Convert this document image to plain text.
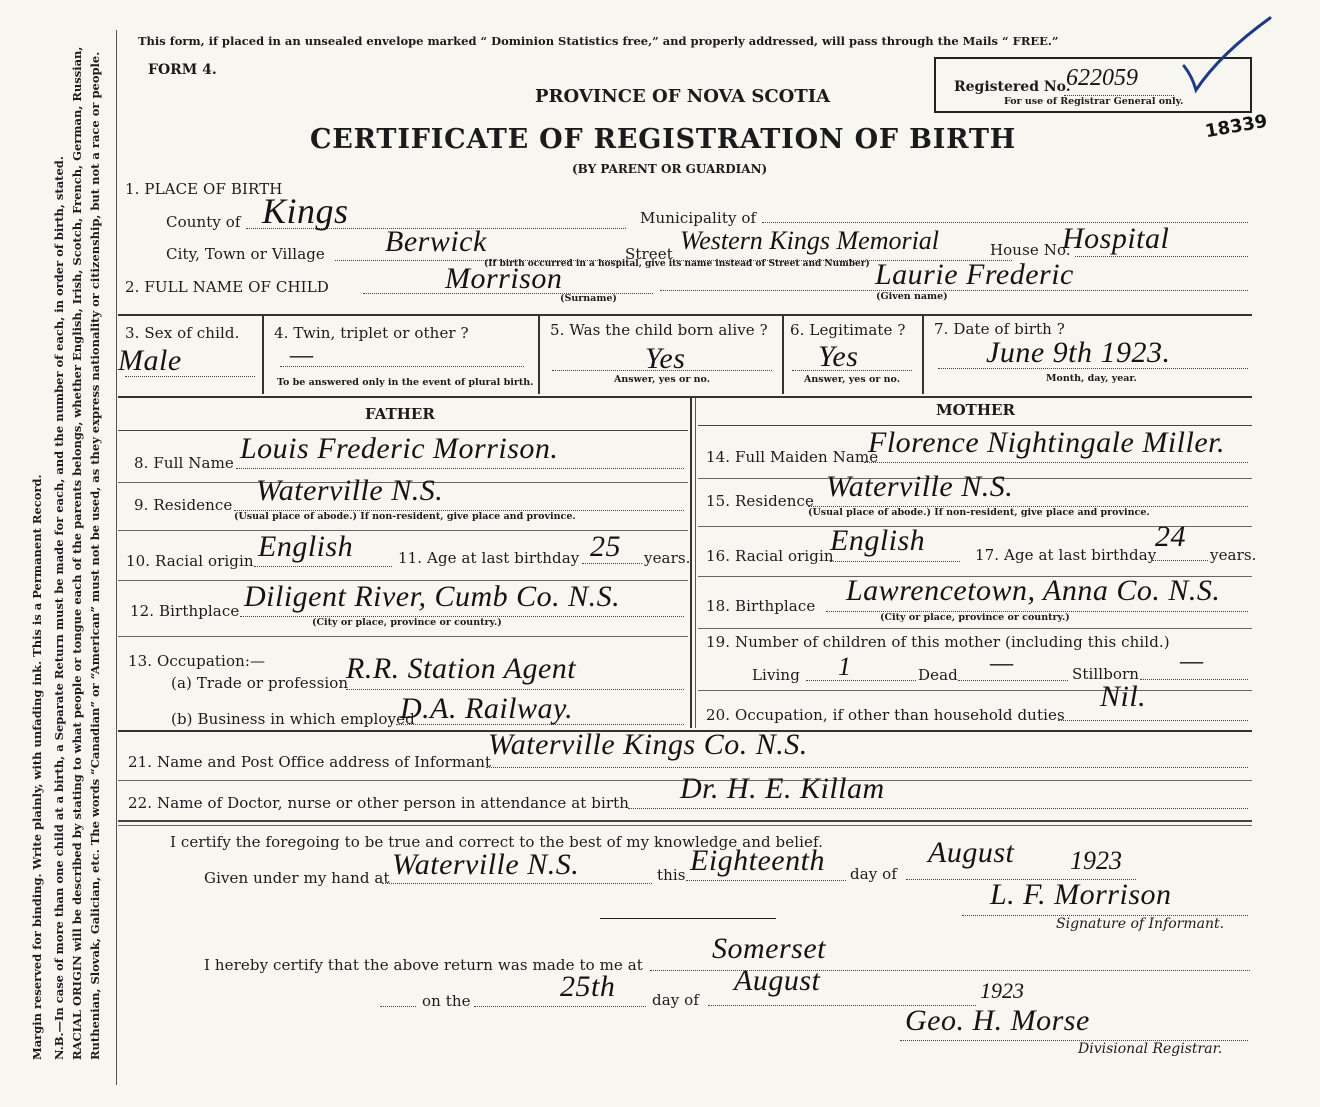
Margin reserved for binding. Write plainly, with unfading ink. This is a Permanent Record. N.B.—In case of more than one child at a birth, a Separate Return must be made for each, and the number of each, in order of birth, stated. RACIAL ORIGIN will be described by stating to what people or tongue each of the parents belongs, whether English, Irish, Scotch, French, German, Russian, Ruthenian, Slovak, Galician, etc. The words “Canadian” or “American” must not be used, as they express nationality or citizenship, but not a race or people.
This form, if placed in an unsealed envelope marked “ Dominion Statistics free,” and properly addressed, will pass through the Mails “ FREE.”
FORM 4.
PROVINCE OF NOVA SCOTIA
CERTIFICATE OF REGISTRATION OF BIRTH
(BY PARENT OR GUARDIAN)
Registered No.
622059
For use of Registrar General only.
18339
1. PLACE OF BIRTH
County of Kings	Municipality of
City, Town or Village Berwick	Street Western Kings Memorial	House No.
Hospital
(If birth occurred in a hospital, give its name instead of Street and Number)
2. FULL NAME OF CHILD	Morrison
(Surname)
Laurie Frederic
(Given name)
3. Sex of child.
Male
4. Twin, triplet or other ?
—
To be answered only in the event of plural birth.
5. Was the child born alive ?
Yes
Answer, yes or no.
6. Legitimate ?
Yes
Answer, yes or no.
7. Date of birth ?
June 9th 1923.
Month, day, year.
FATHER	MOTHER
8. Full Name Louis Frederic Morrison.
9. Residence Waterville N.S.
(Usual place of abode.) If non-resident, give place and province.
10. Racial origin English	11. Age at last birthday 25 years.
12. Birthplace Diligent River, Cumb Co. N.S.
(City or place, province or country.)
13. Occupation:—
(a) Trade or profession
R.R. Station Agent
(b) Business in which employed
D.A. Railway.
14. Full Maiden Name
Florence Nightingale Miller.
15. Residence Waterville N.S.
(Usual place of abode.) If non-resident, give place and province.
16. Racial origin
English	17. Age at last birthday
24
years.
18. Birthplace Lawrencetown, Anna Co. N.S.
(City or place, province or country.)
19. Number of children of this mother (including this child.)
Living 1	Dead —	Stillborn —
20. Occupation, if other than household duties
Nil.
21. Name and Post Office address of Informant
Waterville Kings Co. N.S.
22. Name of Doctor, nurse or other person in attendance at birth Dr. H. E. Killam
I certify the foregoing to be true and correct to the best of my knowledge and belief.
Given under my hand at Waterville N.S.	this Eighteenth day of
August 1923
L. F. Morrison
Signature of Informant.
I hereby certify that the above return was made to me at Somerset
on the	25th day of
August	1923
Geo. H. Morse
Divisional Registrar.
